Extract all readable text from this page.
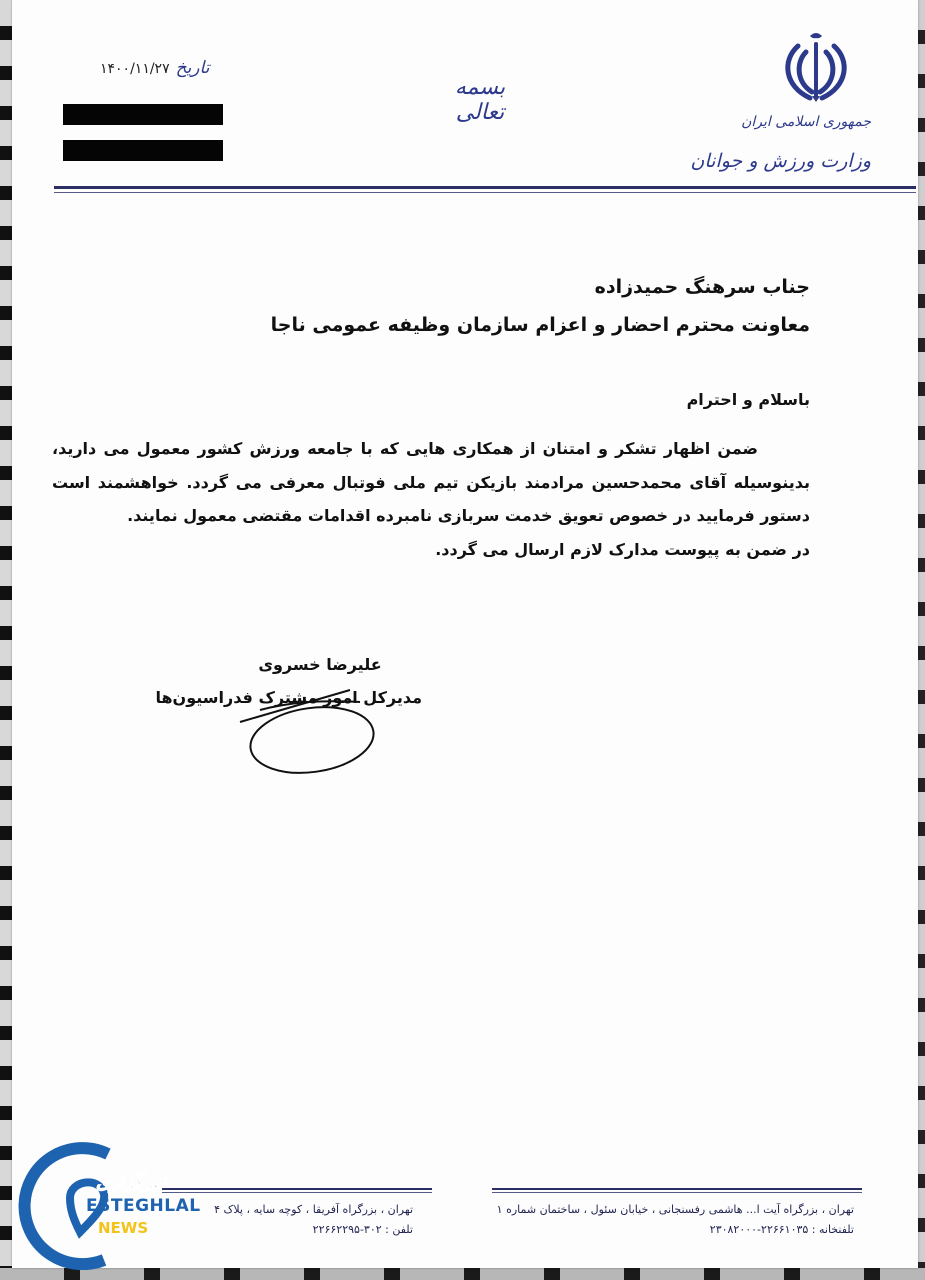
تاریخ
۱۴۰۰/۱۱/۲۷
بسمه تعالی	جمهوری اسلامی ایران
وزارت ورزش و جوانان
جناب سرهنگ حمیدزاده
معاونت محترم احضار و اعزام سازمان وظیفه عمومی ناجا
باسلام و احترام

ضمن اظهار تشکر و امتنان از همکاری هایی که با جامعه ورزش کشور معمول می دارید، بدینوسیله آقای محمدحسین مرادمند بازیکن تیم ملی فوتبال معرفی می گردد. خواهشمند است دستور فرمایید در خصوص تعویق خدمت سربازی نامبرده اقدامات مقتضی معمول نمایند.

در ضمن به پیوست مدارک لازم ارسال می گردد.

علیرضا خسروی
مدیرکل امور مشترک فدراسیون‌ها
تهران ، بزرگراه آیت ا... هاشمی رفسنجانی ، خیابان سئول ، ساختمان شماره ۱
تلفنخانه : ۲۲۶۶۱۰۳۵-۲۳۰۸۲۰۰۰
تهران ، بزرگراه آفریقا ، کوچه سایه ، پلاک ۴
تلفن : ۳۰۲-۲۲۶۶۲۲۹۵
خبرگزاری
ESTEGHLAL
NEWS
